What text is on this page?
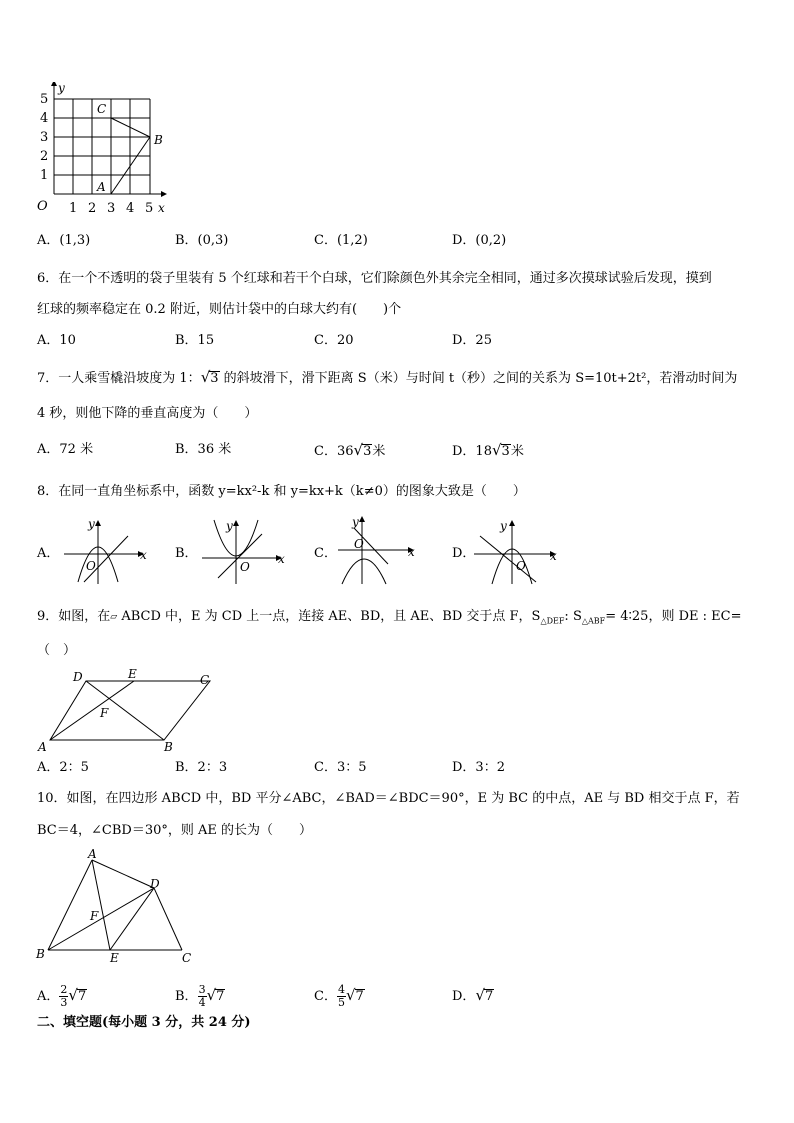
y
x
O
5
4
3
2
1
1 2 3 4 5
C
B
A
A．(1,3)	B．(0,3)	C．(1,2)	D．(0,2)
6．在一个不透明的袋子里装有 5 个红球和若干个白球，它们除颜色外其余完全相同，通过多次摸球试验后发现，摸到
红球的频率稳定在 0.2 附近，则估计袋中的白球大约有(　　)个
A．10	B．15	C．20	D．25
7．一人乘雪橇沿坡度为 1：√3 的斜坡滑下，滑下距离 S（米）与时间 t（秒）之间的关系为 S=10t+2t²，若滑动时间为
4 秒，则他下降的垂直高度为（　　）
A．72 米	B．36 米	C．36√3米	D．18√3米
8．在同一直角坐标系中，函数 y=kx²-k 和 y=kx+k（k≠0）的图象大致是（　　）
A．
y
x
O
B．
y
x
O
C．
y
x
O
D．
y
x
O
9．如图，在▱ ABCD 中，E 为 CD 上一点，连接 AE、BD，且 AE、BD 交于点 F，$S_{\triangle DEF}$: $S_{\triangle ABF}=$ 4∶25，则 DE : EC=
（　）
D	E	C
F
A	B
A．2：5	B．2：3	C．3：5	D．3：2
10．如图，在四边形 ABCD 中，BD 平分∠ABC，∠BAD＝∠BDC＝90°，E 为 BC 的中点，AE 与 BD 相交于点 F，若
BC＝4，∠CBD＝30°，则 AE 的长为（　　）
A
D
F
B	E	C
A． $\frac{2}{3} √7$	B． $\frac{3}{4} √7$	C． $\frac{4}{5} √7$	D．√7
二、填空题(每小题 3 分，共 24 分)
